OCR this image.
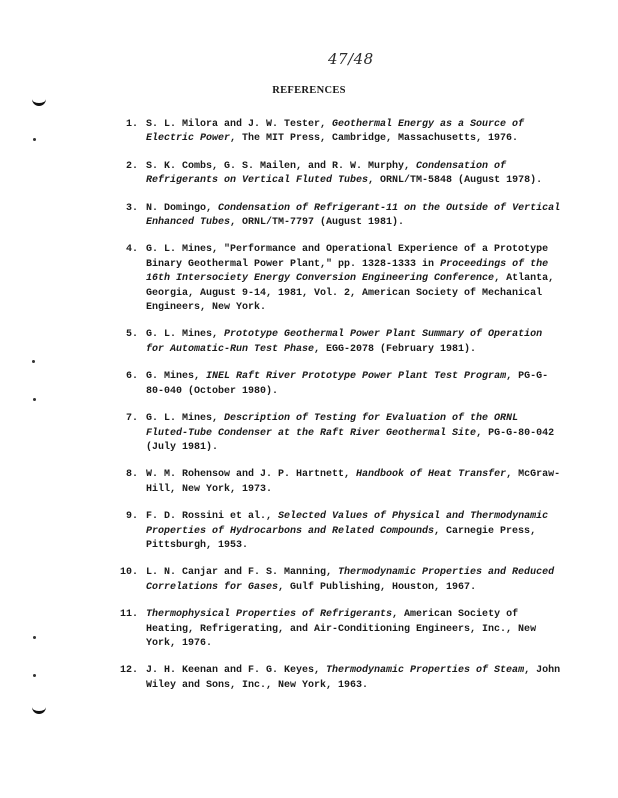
47/48
REFERENCES
1. S. L. Milora and J. W. Tester, Geothermal Energy as a Source of Electric Power, The MIT Press, Cambridge, Massachusetts, 1976.
2. S. K. Combs, G. S. Mailen, and R. W. Murphy, Condensation of Refrigerants on Vertical Fluted Tubes, ORNL/TM-5848 (August 1978).
3. N. Domingo, Condensation of Refrigerant-11 on the Outside of Vertical Enhanced Tubes, ORNL/TM-7797 (August 1981).
4. G. L. Mines, "Performance and Operational Experience of a Prototype Binary Geothermal Power Plant," pp. 1328-1333 in Proceedings of the 16th Intersociety Energy Conversion Engineering Conference, Atlanta, Georgia, August 9-14, 1981, Vol. 2, American Society of Mechanical Engineers, New York.
5. G. L. Mines, Prototype Geothermal Power Plant Summary of Operation for Automatic-Run Test Phase, EGG-2078 (February 1981).
6. G. Mines, INEL Raft River Prototype Power Plant Test Program, PG-G-80-040 (October 1980).
7. G. L. Mines, Description of Testing for Evaluation of the ORNL Fluted-Tube Condenser at the Raft River Geothermal Site, PG-G-80-042 (July 1981).
8. W. M. Rohensow and J. P. Hartnett, Handbook of Heat Transfer, McGraw-Hill, New York, 1973.
9. F. D. Rossini et al., Selected Values of Physical and Thermodynamic Properties of Hydrocarbons and Related Compounds, Carnegie Press, Pittsburgh, 1953.
10. L. N. Canjar and F. S. Manning, Thermodynamic Properties and Reduced Correlations for Gases, Gulf Publishing, Houston, 1967.
11. Thermophysical Properties of Refrigerants, American Society of Heating, Refrigerating, and Air-Conditioning Engineers, Inc., New York, 1976.
12. J. H. Keenan and F. G. Keyes, Thermodynamic Properties of Steam, John Wiley and Sons, Inc., New York, 1963.
